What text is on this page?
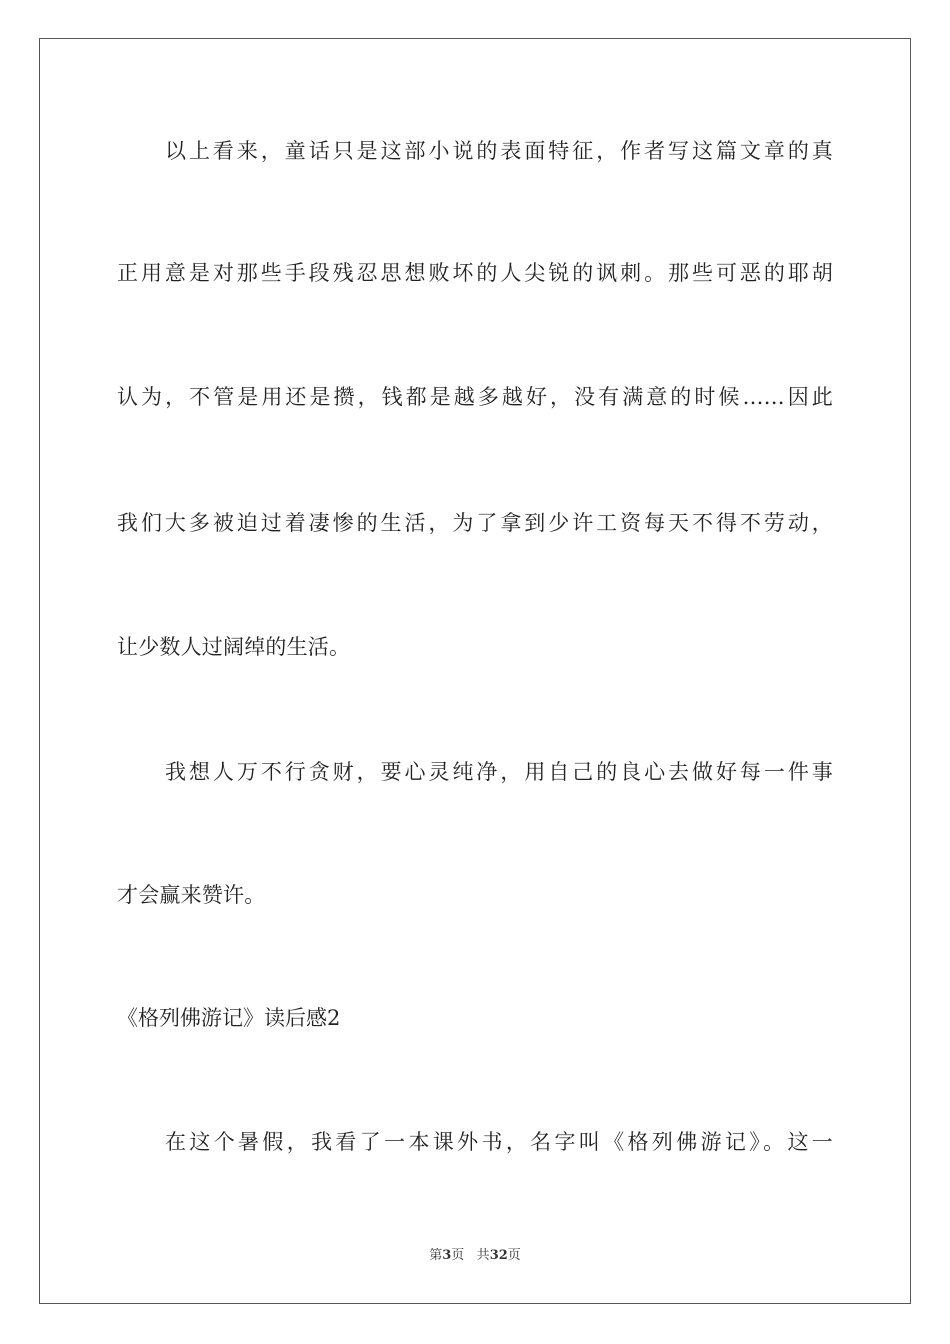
以上看来，童话只是这部小说的表面特征，作者写这篇文章的真
正用意是对那些手段残忍思想败坏的人尖锐的讽刺。那些可恶的耶胡
认为，不管是用还是攒，钱都是越多越好，没有满意的时候……因此
我们大多被迫过着凄惨的生活，为了拿到少许工资每天不得不劳动，
让少数人过阔绰的生活。
我想人万不行贪财，要心灵纯净，用自己的良心去做好每一件事
才会赢来赞许。
《格列佛游记》读后感2
在这个暑假，我看了一本课外书，名字叫《格列佛游记》。这一
第3页 共32页
